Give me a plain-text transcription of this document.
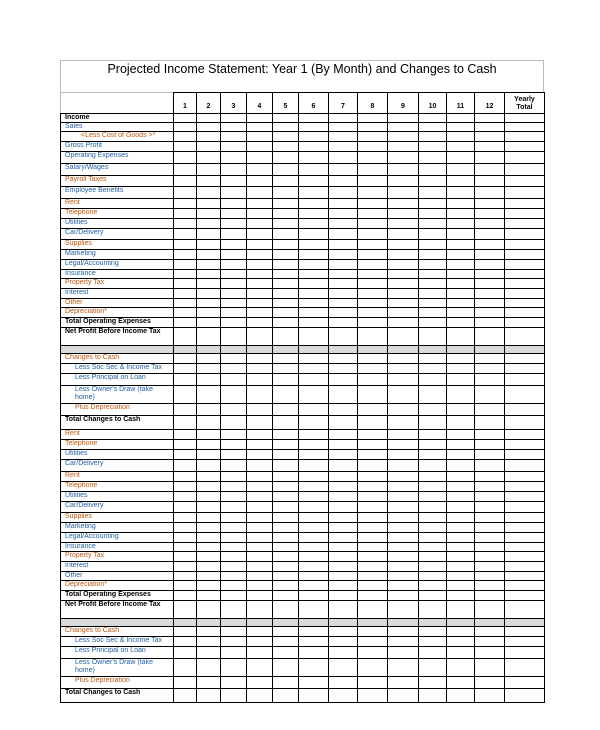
Projected Income Statement: Year 1 (By Month) and Changes to Cash
	1	2	3	4	5	6	7	8	9	10	11	12	Yearly Total
Income													
Sales													
<Less Cost of Goods >*													
Gross Profit													
Operating Expenses													
Salary/Wages													
Payroll Taxes													
Employee Benefits													
Rent													
Telephone													
Utilities													
Car/Delivery													
Supplies													
Marketing													
Legal/Accounting													
Insurance													
Property Tax													
Interest													
Other													
Depreciation*													
Total Operating Expenses													
Net Profit Before Income Tax													

Changes to Cash													
Less Soc Sec & Income Tax													
Less Principal on Loan													
Less Owner's Draw (take home)													
Plus Depreciation													
Total Changes to Cash													
Rent													
Telephone													
Utilities													
Car/Delivery													
Rent													
Telephone													
Utilities													
Car/Delivery													
Supplies													
Marketing													
Legal/Accounting													
Insurance													
Property Tax													
Interest													
Other													
Depreciation*													
Total Operating Expenses													
Net Profit Before Income Tax													

Changes to Cash													
Less Soc Sec & Income Tax													
Less Principal on Loan													
Less Owner's Draw (take home)													
Plus Depreciation													
Total Changes to Cash													
